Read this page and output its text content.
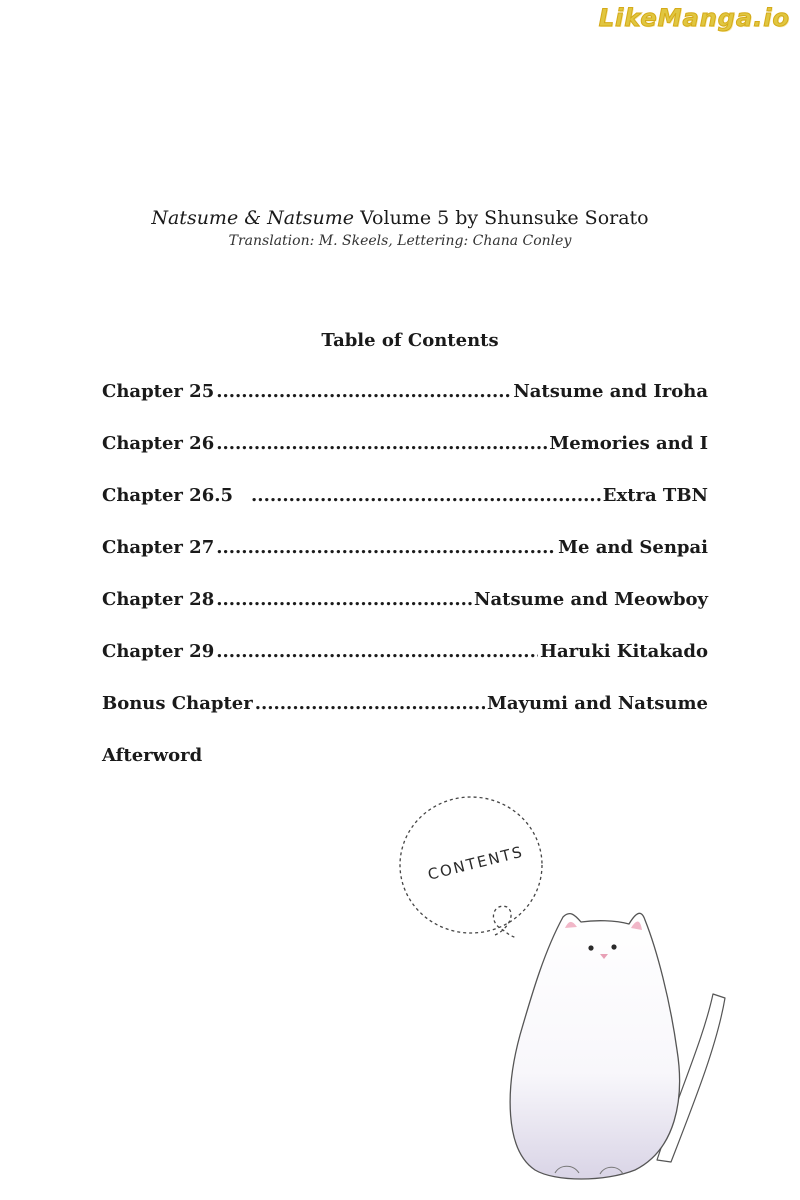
LikeManga.io
Natsume & Natsume Volume 5 by Shunsuke Sorato
Translation: M. Skeels, Lettering: Chana Conley
Table of Contents
Chapter 25 .....	Natsume and Iroha
Chapter 26 .....	Memories and I
Chapter 26.5 .....	Extra TBN
Chapter 27 .....	Me and Senpai
Chapter 28 .....	Natsume and Meowboy
Chapter 29 .....	Haruki Kitakado
Bonus Chapter .....	Mayumi and Natsume
Afterword
CONTENTS
